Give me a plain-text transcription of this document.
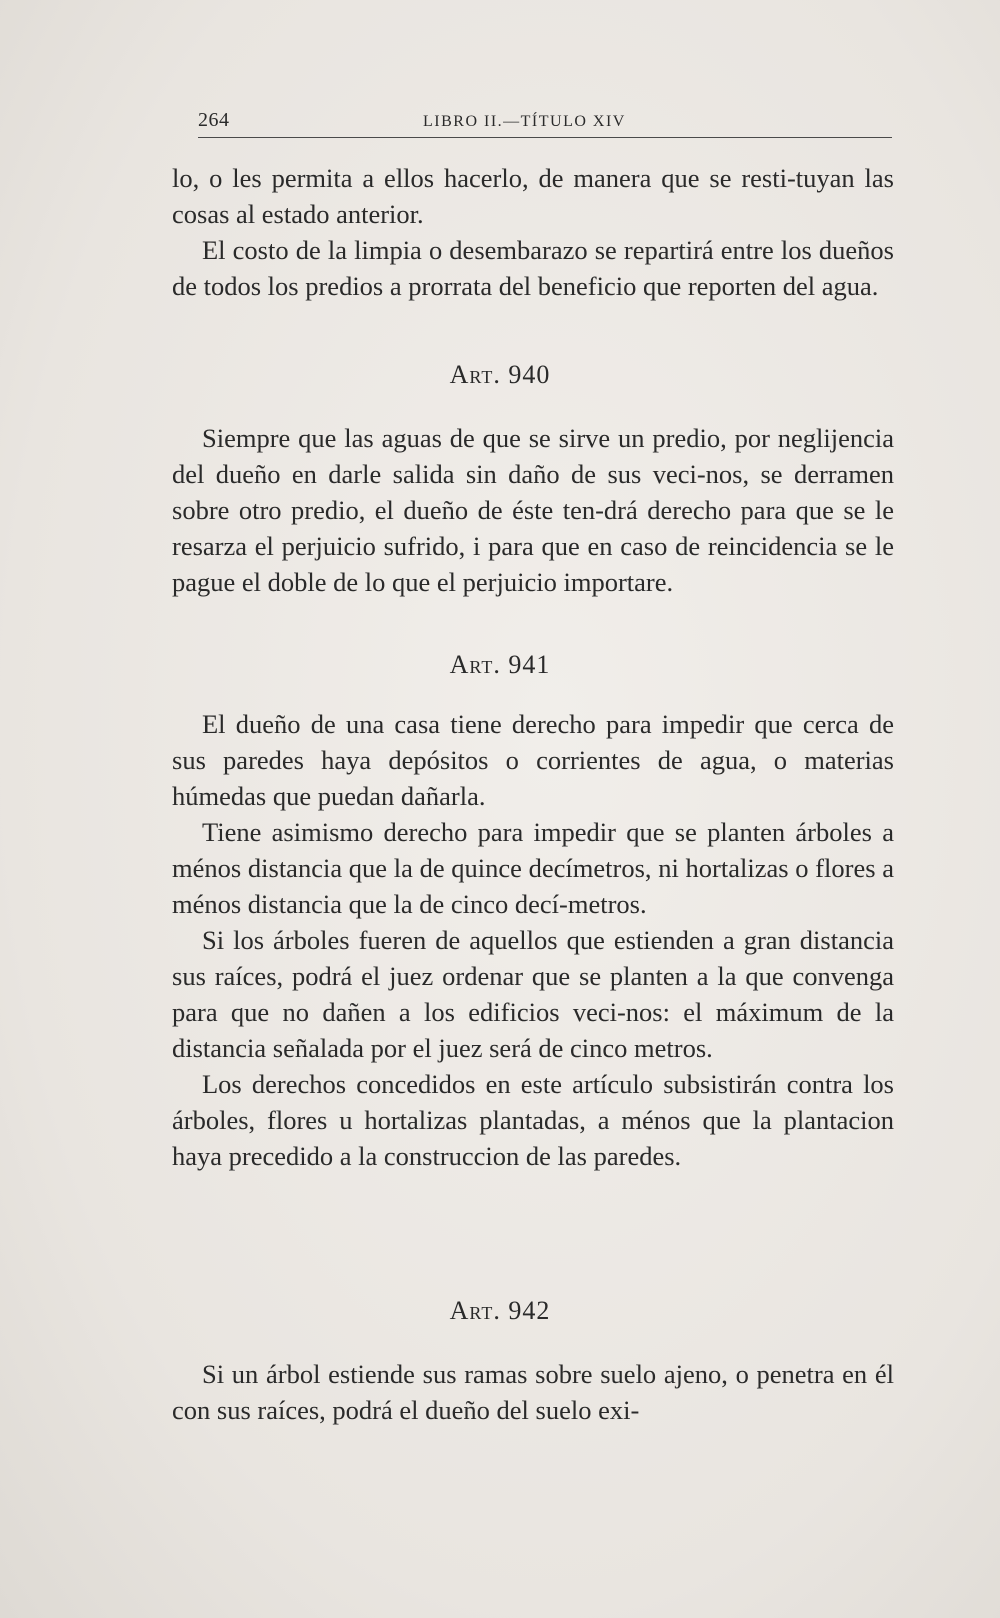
264	LIBRO II.—TÍTULO XIV

lo, o les permita a ellos hacerlo, de manera que se resti-tuyan las cosas al estado anterior.

El costo de la limpia o desembarazo se repartirá entre los dueños de todos los predios a prorrata del beneficio que reporten del agua.

Art. 940

Siempre que las aguas de que se sirve un predio, por neglijencia del dueño en darle salida sin daño de sus veci-nos, se derramen sobre otro predio, el dueño de éste ten-drá derecho para que se le resarza el perjuicio sufrido, i para que en caso de reincidencia se le pague el doble de lo que el perjuicio importare.

Art. 941

El dueño de una casa tiene derecho para impedir que cerca de sus paredes haya depósitos o corrientes de agua, o materias húmedas que puedan dañarla.

Tiene asimismo derecho para impedir que se planten árboles a ménos distancia que la de quince decímetros, ni hortalizas o flores a ménos distancia que la de cinco decí-metros.

Si los árboles fueren de aquellos que estienden a gran distancia sus raíces, podrá el juez ordenar que se planten a la que convenga para que no dañen a los edificios veci-nos: el máximum de la distancia señalada por el juez será de cinco metros.

Los derechos concedidos en este artículo subsistirán contra los árboles, flores u hortalizas plantadas, a ménos que la plantacion haya precedido a la construccion de las paredes.

Art. 942

Si un árbol estiende sus ramas sobre suelo ajeno, o penetra en él con sus raíces, podrá el dueño del suelo exi-
